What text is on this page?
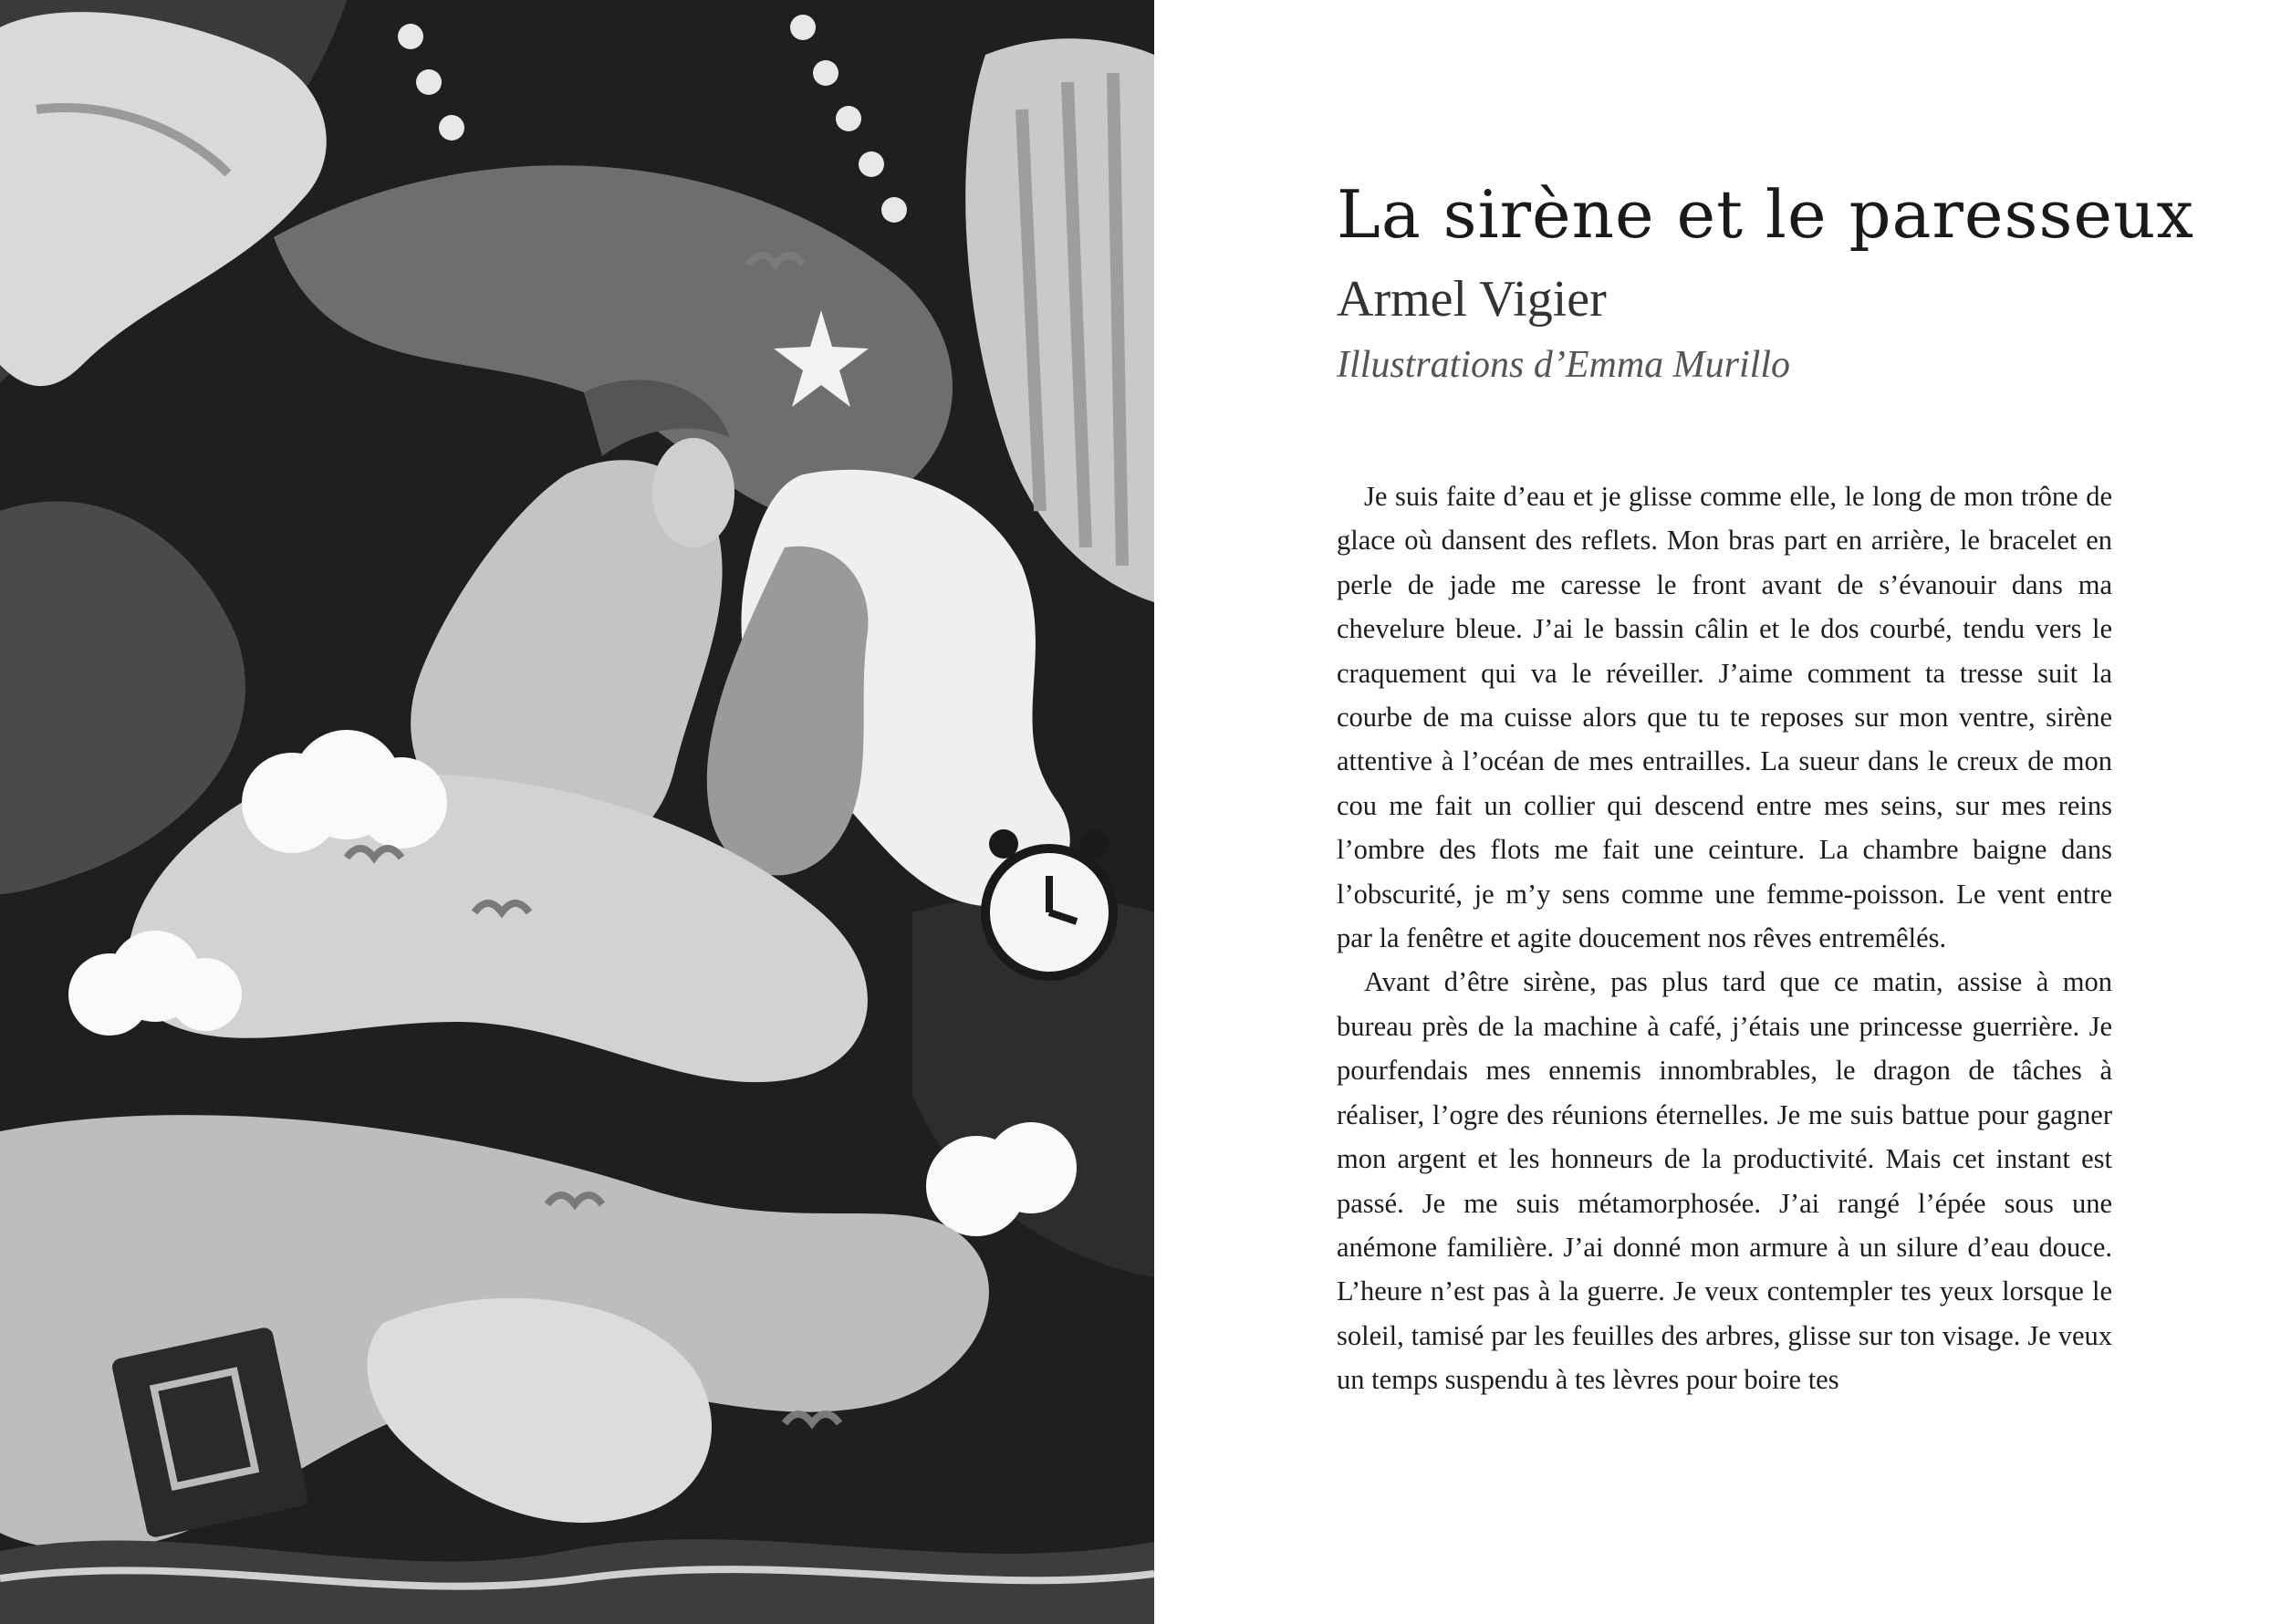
La sirène et le paresseux
Armel Vigier
Illustrations d’Emma Murillo

Je suis faite d’eau et je glisse comme elle, le long de mon trône de glace où dansent des reflets. Mon bras part en arrière, le bracelet en perle de jade me caresse le front avant de s’évanouir dans ma chevelure bleue. J’ai le bassin câlin et le dos courbé, tendu vers le craquement qui va le réveiller. J’aime comment ta tresse suit la courbe de ma cuisse alors que tu te reposes sur mon ventre, sirène attentive à l’océan de mes entrailles. La sueur dans le creux de mon cou me fait un collier qui descend entre mes seins, sur mes reins l’ombre des flots me fait une ceinture. La chambre baigne dans l’obscurité, je m’y sens comme une femme-poisson. Le vent entre par la fenêtre et agite doucement nos rêves entremêlés.

Avant d’être sirène, pas plus tard que ce matin, assise à mon bureau près de la machine à café, j’étais une princesse guerrière. Je pourfendais mes ennemis innombrables, le dragon de tâches à réaliser, l’ogre des réunions éternelles. Je me suis battue pour gagner mon argent et les honneurs de la productivité. Mais cet instant est passé. Je me suis métamorphosée. J’ai rangé l’épée sous une anémone familière. J’ai donné mon armure à un silure d’eau douce. L’heure n’est pas à la guerre. Je veux contempler tes yeux lorsque le soleil, tamisé par les feuilles des arbres, glisse sur ton visage. Je veux un temps suspendu à tes lèvres pour boire tes
